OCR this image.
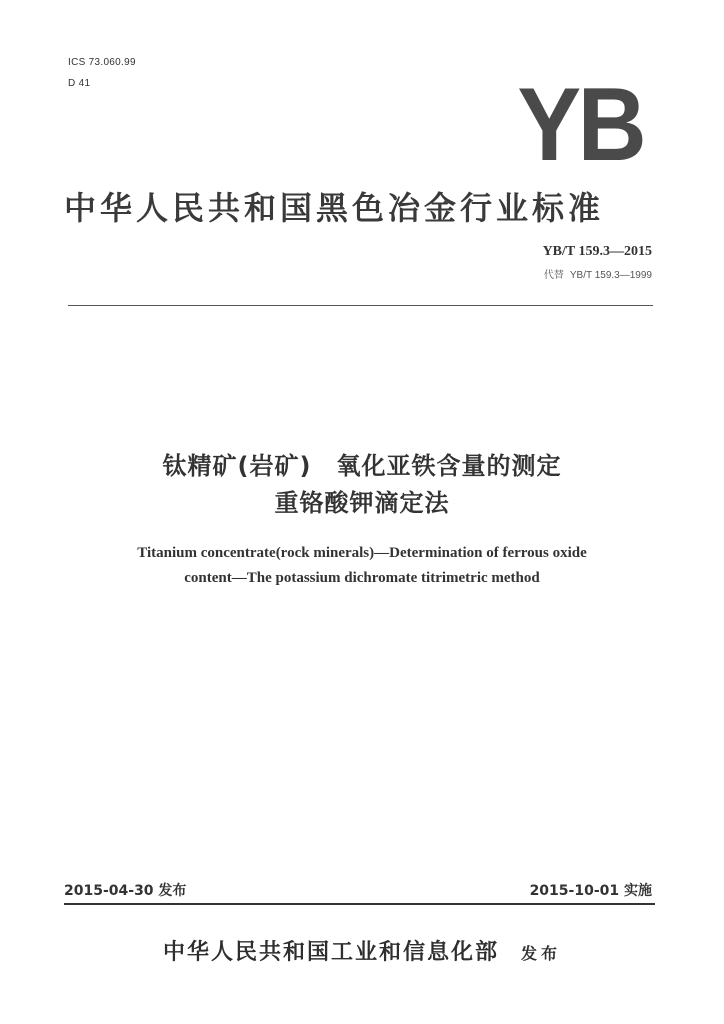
ICS 73.060.99
D 41	YB
中华人民共和国黑色冶金行业标准
YB/T 159.3—2015
代替 YB/T 159.3—1999
钛精矿(岩矿)　氧化亚铁含量的测定
重铬酸钾滴定法
Titanium concentrate(rock minerals)—Determination of ferrous oxide
content—The potassium dichromate titrimetric method
2015-04-30 发布	2015-10-01 实施
中华人民共和国工业和信息化部 发布
